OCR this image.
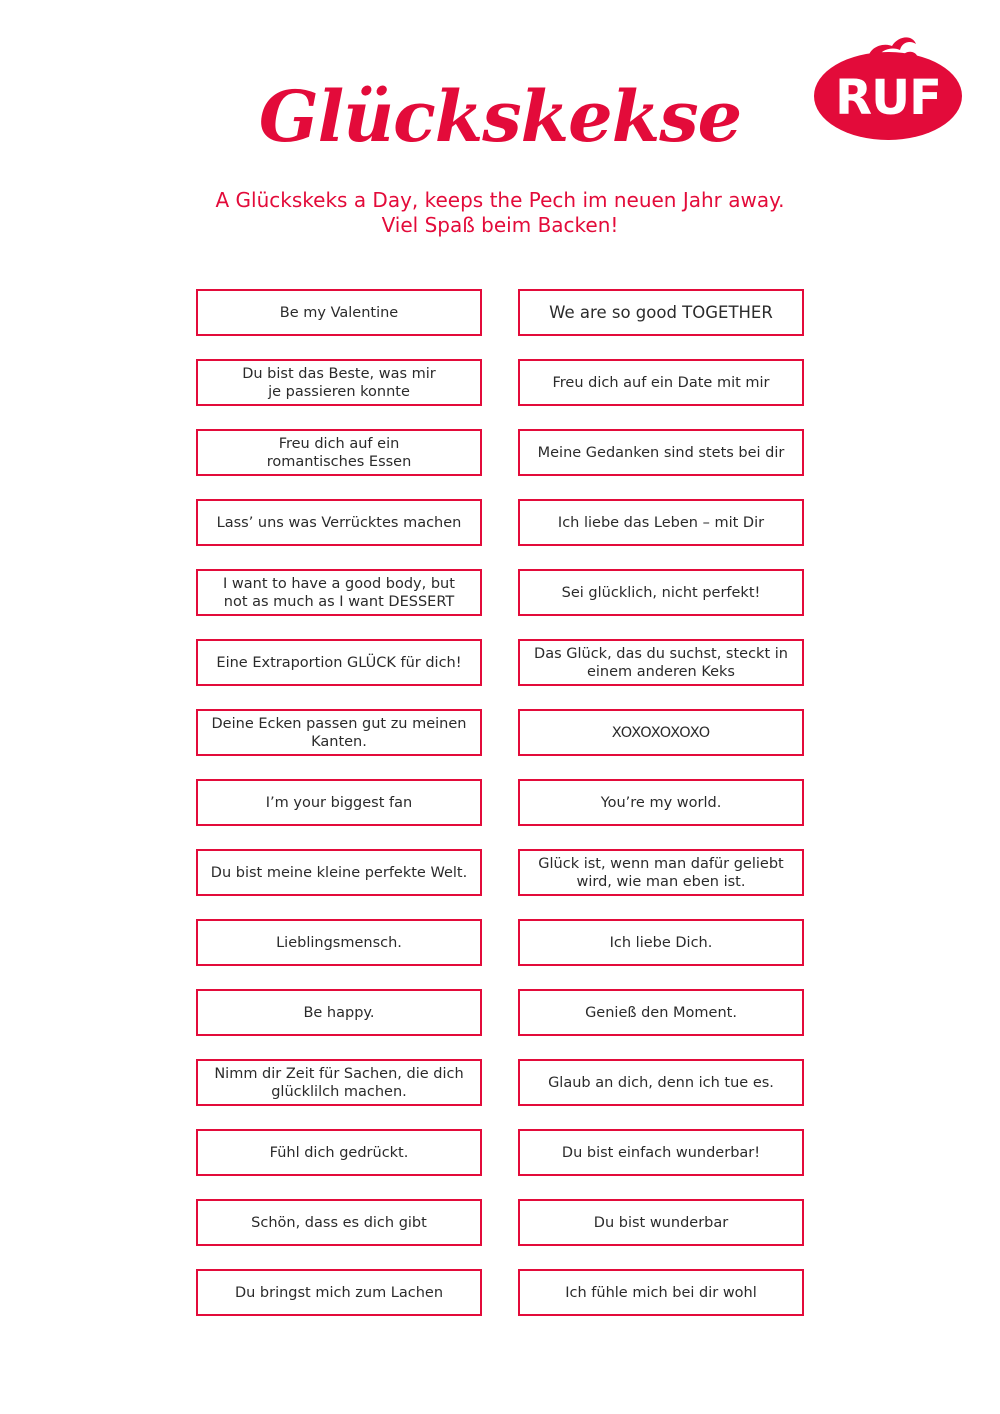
RUF
Glückskekse
A Glückskeks a Day, keeps the Pech im neuen Jahr away.
Viel Spaß beim Backen!
Be my Valentine	We are so good TOGETHER
Du bist das Beste, was mir
je passieren konnte
Freu dich auf ein Date mit mir
Freu dich auf ein
romantisches Essen
Meine Gedanken sind stets bei dir
Lass’ uns was Verrücktes machen	Ich liebe das Leben – mit Dir
I want to have a good body, but
not as much as I want DESSERT
Sei glücklich, nicht perfekt!
Eine Extraportion GLÜCK für dich!
Das Glück, das du suchst, steckt in
einem anderen Keks
Deine Ecken passen gut zu meinen
Kanten.
XOXOXOXOXO
I’m your biggest fan	You’re my world.
Du bist meine kleine perfekte Welt.
Glück ist, wenn man dafür geliebt
wird, wie man eben ist.
Lieblingsmensch.	Ich liebe Dich.
Be happy.	Genieß den Moment.
Nimm dir Zeit für Sachen, die dich
glücklilch machen.
Glaub an dich, denn ich tue es.
Fühl dich gedrückt.	Du bist einfach wunderbar!
Schön, dass es dich gibt	Du bist wunderbar
Du bringst mich zum Lachen	Ich fühle mich bei dir wohl
